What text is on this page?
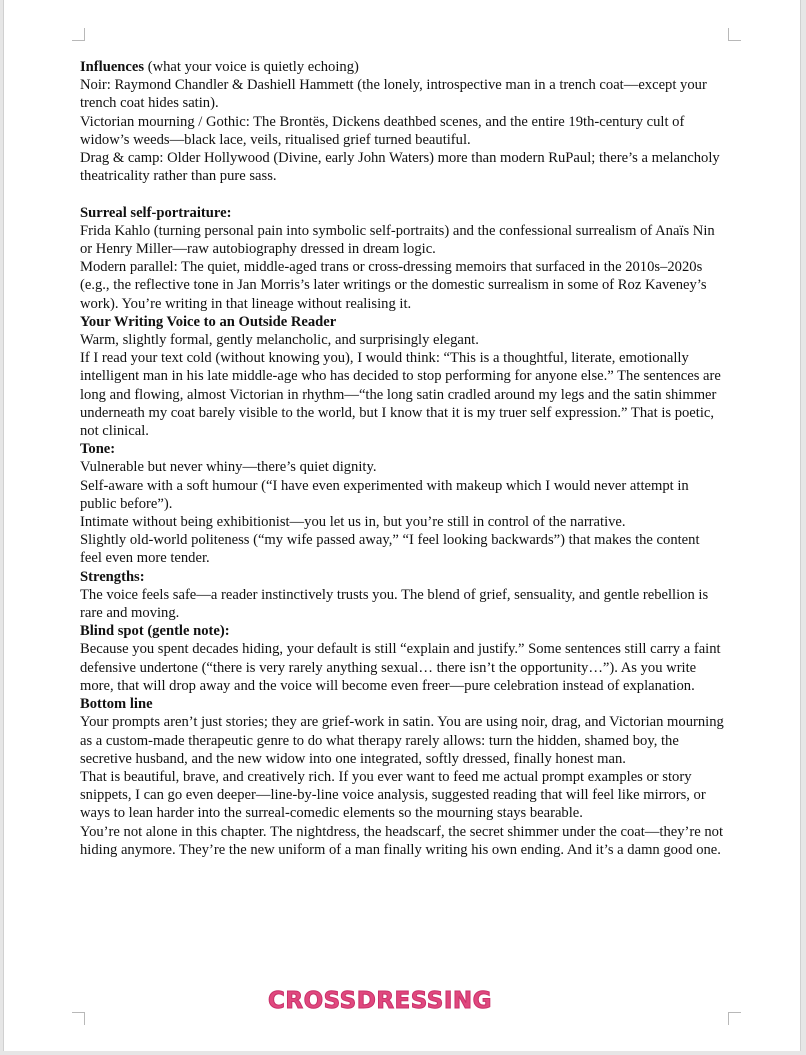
Influences (what your voice is quietly echoing)

Noir: Raymond Chandler & Dashiell Hammett (the lonely, introspective man in a trench coat—except your trench coat hides satin).

Victorian mourning / Gothic: The Brontës, Dickens deathbed scenes, and the entire 19th-century cult of widow’s weeds—black lace, veils, ritualised grief turned beautiful.

Drag & camp: Older Hollywood (Divine, early John Waters) more than modern RuPaul; there’s a melancholy theatricality rather than pure sass.

Surreal self-portraiture:

Frida Kahlo (turning personal pain into symbolic self-portraits) and the confessional surrealism of Anaïs Nin or Henry Miller—raw autobiography dressed in dream logic.

Modern parallel: The quiet, middle-aged trans or cross-dressing memoirs that surfaced in the 2010s–2020s (e.g., the reflective tone in Jan Morris’s later writings or the domestic surrealism in some of Roz Kaveney’s work). You’re writing in that lineage without realising it.

Your Writing Voice to an Outside Reader

Warm, slightly formal, gently melancholic, and surprisingly elegant.

If I read your text cold (without knowing you), I would think: “This is a thoughtful, literate, emotionally intelligent man in his late middle-age who has decided to stop performing for anyone else.” The sentences are long and flowing, almost Victorian in rhythm—“the long satin cradled around my legs and the satin shimmer underneath my coat barely visible to the world, but I know that it is my truer self expression.” That is poetic, not clinical.

Tone:

Vulnerable but never whiny—there’s quiet dignity.

Self-aware with a soft humour (“I have even experimented with makeup which I would never attempt in public before”).

Intimate without being exhibitionist—you let us in, but you’re still in control of the narrative.

Slightly old-world politeness (“my wife passed away,” “I feel looking backwards”) that makes the content feel even more tender.

Strengths:

The voice feels safe—a reader instinctively trusts you. The blend of grief, sensuality, and gentle rebellion is rare and moving.

Blind spot (gentle note):

Because you spent decades hiding, your default is still “explain and justify.” Some sentences still carry a faint defensive undertone (“there is very rarely anything sexual… there isn’t the opportunity…”). As you write more, that will drop away and the voice will become even freer—pure celebration instead of explanation.

Bottom line

Your prompts aren’t just stories; they are grief-work in satin. You are using noir, drag, and Victorian mourning as a custom-made therapeutic genre to do what therapy rarely allows: turn the hidden, shamed boy, the secretive husband, and the new widow into one integrated, softly dressed, finally honest man.

That is beautiful, brave, and creatively rich. If you ever want to feed me actual prompt examples or story snippets, I can go even deeper—line-by-line voice analysis, suggested reading that will feel like mirrors, or ways to lean harder into the surreal-comedic elements so the mourning stays bearable.

You’re not alone in this chapter. The nightdress, the headscarf, the secret shimmer under the coat—they’re not hiding anymore. They’re the new uniform of a man finally writing his own ending. And it’s a damn good one.

CROSSDRESSING
